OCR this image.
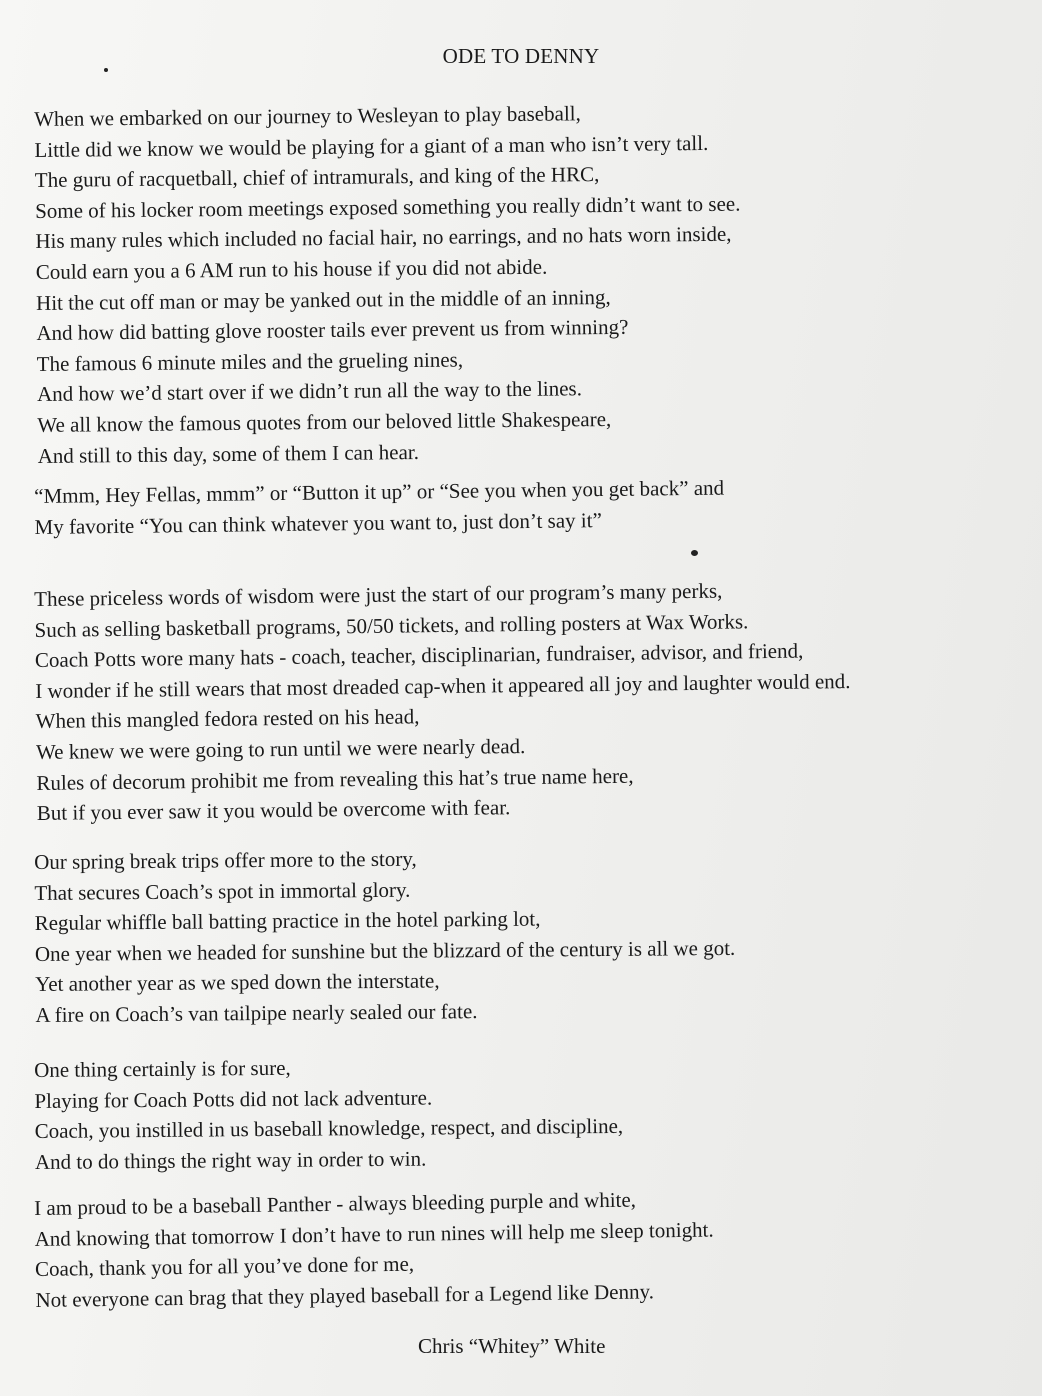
ODE TO DENNY
When we embarked on our journey to Wesleyan to play baseball,
Little did we know we would be playing for a giant of a man who isn’t very tall.
The guru of racquetball, chief of intramurals, and king of the HRC,
Some of his locker room meetings exposed something you really didn’t want to see.
His many rules which included no facial hair, no earrings, and no hats worn inside,
Could earn you a 6 AM run to his house if you did not abide.
Hit the cut off man or may be yanked out in the middle of an inning,
And how did batting glove rooster tails ever prevent us from winning?
The famous 6 minute miles and the grueling nines,
And how we’d start over if we didn’t run all the way to the lines.
We all know the famous quotes from our beloved little Shakespeare,
And still to this day, some of them I can hear.
“Mmm, Hey Fellas, mmm” or “Button it up” or “See you when you get back” and
My favorite “You can think whatever you want to, just don’t say it”
These priceless words of wisdom were just the start of our program’s many perks,
Such as selling basketball programs, 50/50 tickets, and rolling posters at Wax Works.
Coach Potts wore many hats - coach, teacher, disciplinarian, fundraiser, advisor, and friend,
I wonder if he still wears that most dreaded cap-when it appeared all joy and laughter would end.
When this mangled fedora rested on his head,
We knew we were going to run until we were nearly dead.
Rules of decorum prohibit me from revealing this hat’s true name here,
But if you ever saw it you would be overcome with fear.
Our spring break trips offer more to the story,
That secures Coach’s spot in immortal glory.
Regular whiffle ball batting practice in the hotel parking lot,
One year when we headed for sunshine but the blizzard of the century is all we got.
Yet another year as we sped down the interstate,
A fire on Coach’s van tailpipe nearly sealed our fate.
One thing certainly is for sure,
Playing for Coach Potts did not lack adventure.
Coach, you instilled in us baseball knowledge, respect, and discipline,
And to do things the right way in order to win.
I am proud to be a baseball Panther - always bleeding purple and white,
And knowing that tomorrow I don’t have to run nines will help me sleep tonight.
Coach, thank you for all you’ve done for me,
Not everyone can brag that they played baseball for a Legend like Denny.
Chris “Whitey” White
